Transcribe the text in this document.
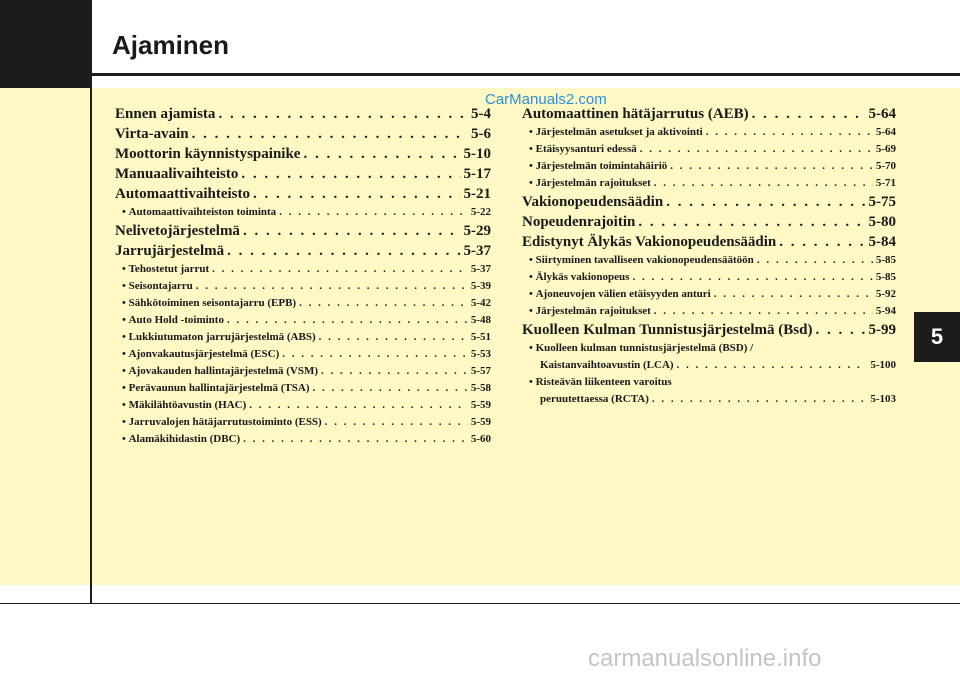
Ajaminen
Ennen ajamista . . .	5-4
Virta-avain . . .	5-6
Moottorin käynnistyspainike . . .	5-10
Manuaalivaihteisto . . .	5-17
Automaattivaihteisto . . .	5-21
• Automaattivaihteiston toiminta . . .	5-22
Nelivetojärjestelmä . . .	5-29
Jarrujärjestelmä . . .	5-37
• Tehostetut jarrut . . .	5-37
• Seisontajarru . . .	5-39
• Sähkötoiminen seisontajarru (EPB) . . .	5-42
• Auto Hold -toiminto . . .	5-48
• Lukkiutumaton jarrujärjestelmä (ABS) . . .	5-51
• Ajonvakautusjärjestelmä (ESC) . . .	5-53
• Ajovakauden hallintajärjestelmä (VSM) . . .	5-57
• Perävaunun hallintajärjestelmä (TSA) . . .	5-58
• Mäkilähtöavustin (HAC) . . .	5-59
• Jarruvalojen hätäjarrutustoiminto (ESS) . . .	5-59
• Alamäkihidastin (DBC) . . .	5-60
Automaattinen hätäjarrutus (AEB) . . .	5-64
• Järjestelmän asetukset ja aktivointi . . .	5-64
• Etäisyysanturi edessä . . .	5-69
• Järjestelmän toimintahäiriö . . .	5-70
• Järjestelmän rajoitukset . . .	5-71
Vakionopeudensäädin . . .	5-75
Nopeudenrajoitin . . .	5-80
Edistynyt Älykäs Vakionopeudensäädin . . .	5-84
• Siirtyminen tavalliseen vakionopeudensäätöön . . .	5-85
• Älykäs vakionopeus . . .	5-85
• Ajoneuvojen välien etäisyyden anturi . . .	5-92
• Järjestelmän rajoitukset . . .	5-94
Kuolleen Kulman Tunnistusjärjestelmä (Bsd) . . .	5-99
• Kuolleen kulman tunnistusjärjestelmä (BSD) /
Kaistanvaihtoavustin (LCA) . . .	5-100
• Risteävän liikenteen varoitus
peruutettaessa (RCTA) . . .	5-103
5
CarManuals2.com
carmanualsonline.info
